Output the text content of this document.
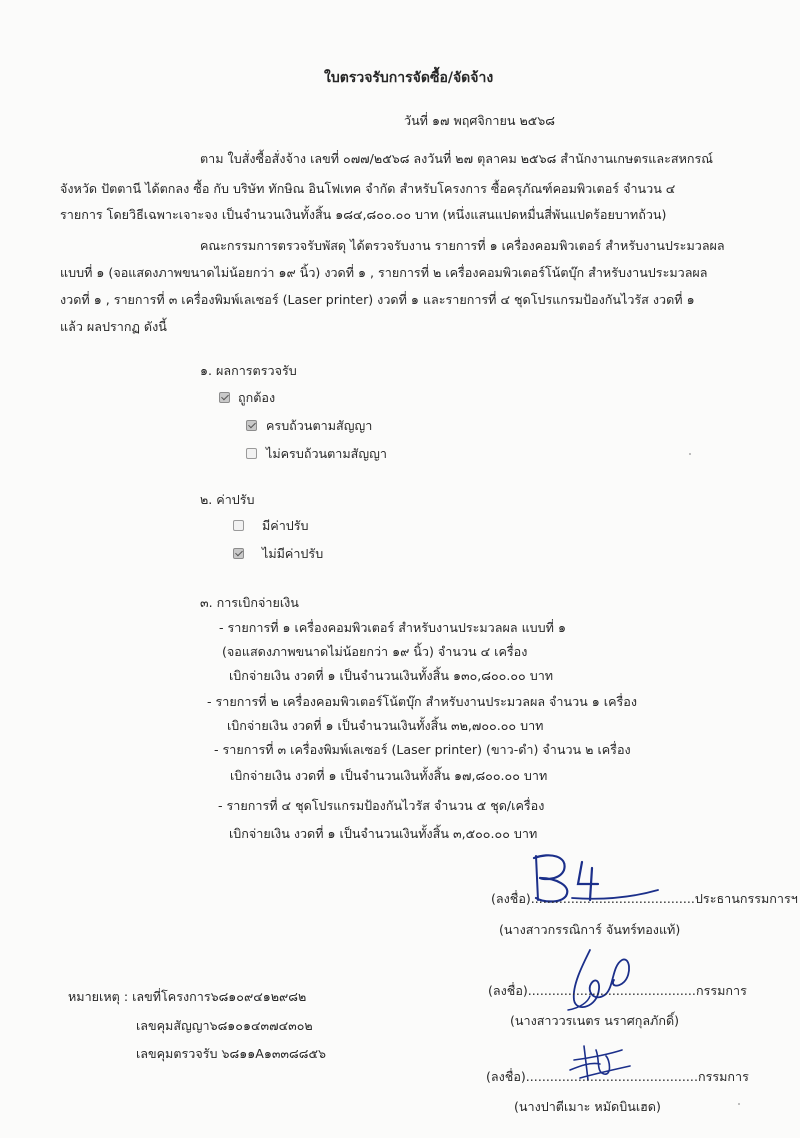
ใบตรวจรับการจัดซื้อ/จัดจ้าง
วันที่ ๑๗ พฤศจิกายน ๒๕๖๘
ตาม ใบสั่งซื้อสั่งจ้าง เลขที่ ๐๗๗/๒๕๖๘ ลงวันที่ ๒๗ ตุลาคม ๒๕๖๘ สำนักงานเกษตรและสหกรณ์
จังหวัด ปัตตานี ได้ตกลง ซื้อ กับ บริษัท ทักษิณ อินโฟเทค จำกัด สำหรับโครงการ ซื้อครุภัณฑ์คอมพิวเตอร์ จำนวน ๔
รายการ โดยวิธีเฉพาะเจาะจง เป็นจำนวนเงินทั้งสิ้น ๑๘๔,๘๐๐.๐๐ บาท (หนึ่งแสนแปดหมื่นสี่พันแปดร้อยบาทถ้วน)
คณะกรรมการตรวจรับพัสดุ ได้ตรวจรับงาน รายการที่ ๑ เครื่องคอมพิวเตอร์ สำหรับงานประมวลผล
แบบที่ ๑ (จอแสดงภาพขนาดไม่น้อยกว่า ๑๙ นิ้ว) งวดที่ ๑ , รายการที่ ๒ เครื่องคอมพิวเตอร์โน้ตบุ๊ก สำหรับงานประมวลผล
งวดที่ ๑ , รายการที่ ๓ เครื่องพิมพ์เลเซอร์ (Laser printer) งวดที่ ๑ และรายการที่ ๔ ชุดโปรแกรมป้องกันไวรัส งวดที่ ๑
แล้ว ผลปรากฏ ดังนี้
๑. ผลการตรวจรับ
ถูกต้อง
ครบถ้วนตามสัญญา
ไม่ครบถ้วนตามสัญญา
๒. ค่าปรับ
มีค่าปรับ
ไม่มีค่าปรับ
๓. การเบิกจ่ายเงิน
- รายการที่ ๑ เครื่องคอมพิวเตอร์ สำหรับงานประมวลผล แบบที่ ๑
(จอแสดงภาพขนาดไม่น้อยกว่า ๑๙ นิ้ว) จำนวน ๔ เครื่อง
เบิกจ่ายเงิน งวดที่ ๑ เป็นจำนวนเงินทั้งสิ้น ๑๓๐,๘๐๐.๐๐ บาท
- รายการที่ ๒ เครื่องคอมพิวเตอร์โน้ตบุ๊ก สำหรับงานประมวลผล จำนวน ๑ เครื่อง
เบิกจ่ายเงิน งวดที่ ๑ เป็นจำนวนเงินทั้งสิ้น ๓๒,๗๐๐.๐๐ บาท
- รายการที่ ๓ เครื่องพิมพ์เลเซอร์ (Laser printer) (ขาว-ดำ) จำนวน ๒ เครื่อง
เบิกจ่ายเงิน งวดที่ ๑ เป็นจำนวนเงินทั้งสิ้น ๑๗,๘๐๐.๐๐ บาท
- รายการที่ ๔ ชุดโปรแกรมป้องกันไวรัส จำนวน ๕ ชุด/เครื่อง
เบิกจ่ายเงิน งวดที่ ๑ เป็นจำนวนเงินทั้งสิ้น ๓,๕๐๐.๐๐ บาท
(ลงชื่อ).........................................ประธานกรรมการฯ
(นางสาวกรรณิการ์ จันทร์ทองแท้)
(ลงชื่อ)..........................................กรรมการ
(นางสาววรเนตร นราศกุลภักดิ์)
(ลงชื่อ)...........................................กรรมการ
(นางปาตีเมาะ หมัดบินเฮด)
หมายเหตุ : เลขที่โครงการ๖๘๑๐๙๔๑๒๙๘๒
เลขคุมสัญญา๖๘๑๐๑๔๓๗๔๓๐๒
เลขคุมตรวจรับ ๖๘๑๑A๑๓๓๘๘๕๖
